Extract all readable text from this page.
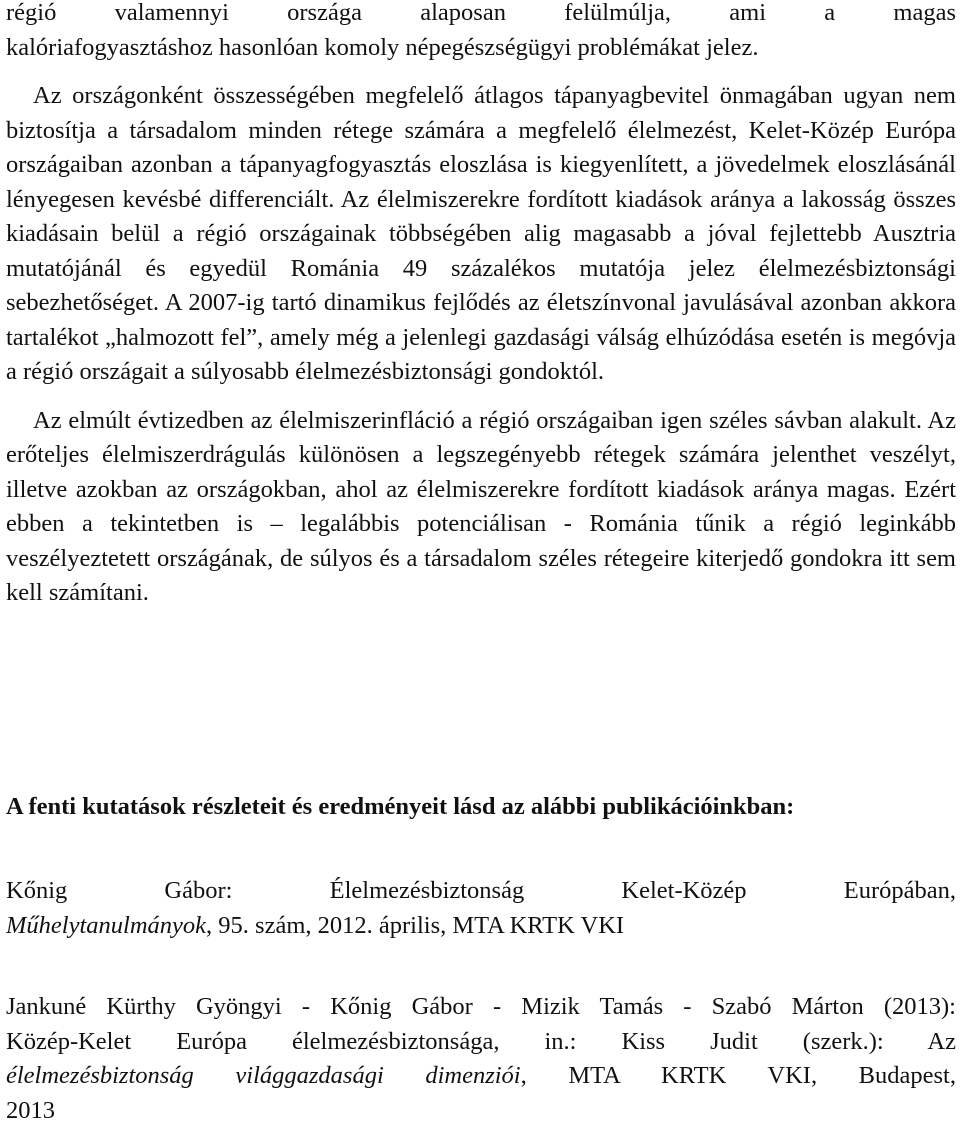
régió valamennyi országa alaposan felülmúlja, ami a magas
kalóriafogyasztáshoz hasonlóan komoly népegészségügyi problémákat jelez.

Az országonként összességében megfelelő átlagos tápanyagbevitel önmagában ugyan nem biztosítja a társadalom minden rétege számára a megfelelő élelmezést, Kelet-Közép Európa országaiban azonban a tápanyagfogyasztás eloszlása is kiegyenlített, a jövedelmek eloszlásánál lényegesen kevésbé differenciált. Az élelmiszerekre fordított kiadások aránya a lakosság összes kiadásain belül a régió országainak többségében alig magasabb a jóval fejlettebb Ausztria mutatójánál és egyedül Románia 49 százalékos mutatója jelez élelmezésbiztonsági sebezhetőséget. A 2007-ig tartó dinamikus fejlődés az életszínvonal javulásával azonban akkora tartalékot „halmozott fel”, amely még a jelenlegi gazdasági válság elhúzódása esetén is megóvja a régió országait a súlyosabb élelmezésbiztonsági gondoktól.

Az elmúlt évtizedben az élelmiszerinfláció a régió országaiban igen széles sávban alakult. Az erőteljes élelmiszerdrágulás különösen a legszegényebb rétegek számára jelenthet veszélyt, illetve azokban az országokban, ahol az élelmiszerekre fordított kiadások aránya magas. Ezért ebben a tekintetben is – legalábbis potenciálisan - Románia tűnik a régió leginkább veszélyeztetett országának, de súlyos és a társadalom széles rétegeire kiterjedő gondokra itt sem kell számítani.

A fenti kutatások részleteit és eredményeit lásd az alábbi publikációinkban:

Kőnig Gábor: Élelmezésbiztonság Kelet-Közép Európában,
Műhelytanulmányok, 95. szám, 2012. április, MTA KRTK VKI
Jankuné Kürthy Gyöngyi - Kőnig Gábor - Mizik Tamás - Szabó Márton (2013):
Közép-Kelet Európa élelmezésbiztonsága, in.: Kiss Judit (szerk.): Az
élelmezésbiztonság világgazdasági dimenziói, MTA KRTK VKI, Budapest,
2013
